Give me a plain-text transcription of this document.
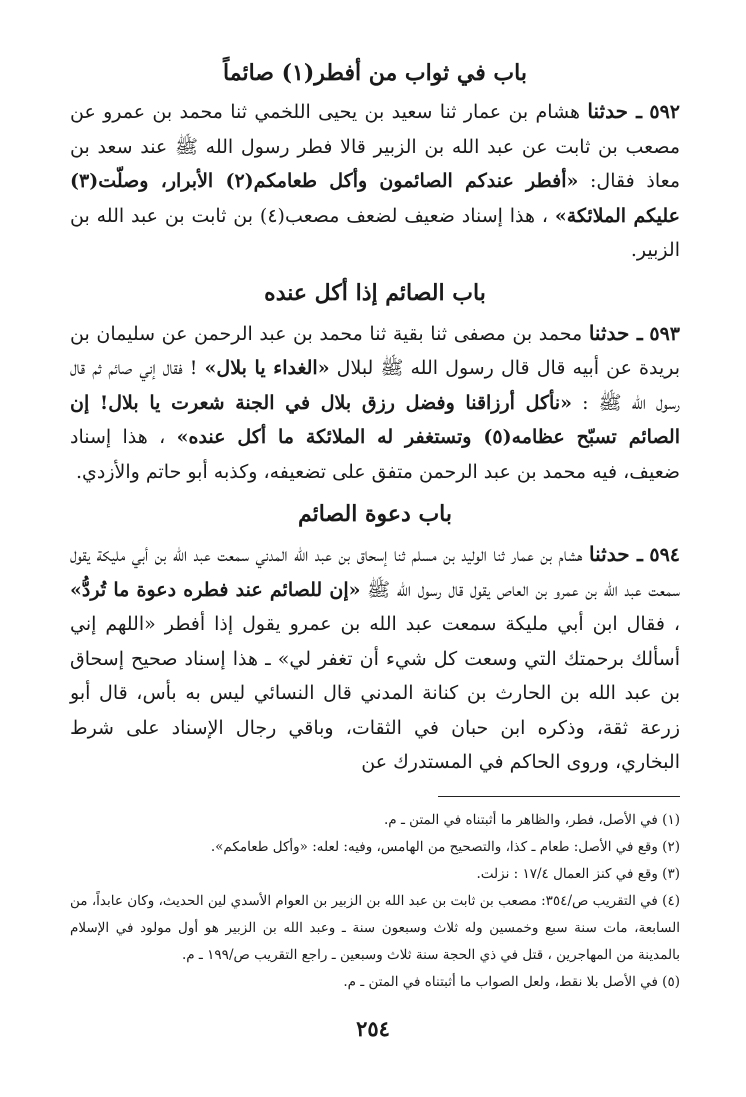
باب في ثواب من أفطر(١) صائماً

٥٩٢ ـ حدثنا هشام بن عمار ثنا سعيد بن يحيى اللخمي ثنا محمد بن عمرو عن مصعب بن ثابت عن عبد الله بن الزبير قالا فطر رسول الله ﷺ عند سعد بن معاذ فقال: «أفطر عندكم الصائمون وأكل طعامكم(٢) الأبرار، وصلّت(٣) عليكم الملائكة» ، هذا إسناد ضعيف لضعف مصعب(٤) بن ثابت بن عبد الله بن الزبير.

باب الصائم إذا أكل عنده

٥٩٣ ـ حدثنا محمد بن مصفى ثنا بقية ثنا محمد بن عبد الرحمن عن سليمان بن بريدة عن أبيه قال قال رسول الله ﷺ لبلال «الغداء يا بلال» ! فقال إني صائم ثم قال رسول الله ﷺ : «نأكل أرزاقنا وفضل رزق بلال في الجنة شعرت يا بلال! إن الصائم تسبّح عظامه(٥) وتستغفر له الملائكة ما أكل عنده» ، هذا إسناد ضعيف، فيه محمد بن عبد الرحمن متفق على تضعيفه، وكذبه أبو حاتم والأزدي.

باب دعوة الصائم

٥٩٤ ـ حدثنا هشام بن عمار ثنا الوليد بن مسلم ثنا إسحاق بن عبد الله المدني سمعت عبد الله بن أبي مليكة يقول سمعت عبد الله بن عمرو بن العاص يقول قال رسول الله ﷺ «إن للصائم عند فطره دعوة ما تُردُّ» ، فقال ابن أبي مليكة سمعت عبد الله بن عمرو يقول إذا أفطر «اللهم إني أسألك برحمتك التي وسعت كل شيء أن تغفر لي» ـ هذا إسناد صحيح إسحاق بن عبد الله بن الحارث بن كنانة المدني قال النسائي ليس به بأس، قال أبو زرعة ثقة، وذكره ابن حبان في الثقات، وباقي رجال الإسناد على شرط البخاري، وروى الحاكم في المستدرك عن

(١) في الأصل، فطر، والظاهر ما أثبتناه في المتن ـ م.

(٢) وقع في الأصل: طعام ـ كذا، والتصحيح من الهامس، وفيه: لعله: «وأكل طعامكم».

(٣) وقع في كنز العمال ١٧/٤ : نزلت.

(٤) في التقريب ص/٣٥٤: مصعب بن ثابت بن عبد الله بن الزبير بن العوام الأسدي لين الحديث، وكان عابداً، من السابعة، مات سنة سبع وخمسين وله ثلاث وسبعون سنة ـ وعبد الله بن الزبير هو أول مولود في الإسلام بالمدينة من المهاجرين ، قتل في ذي الحجة سنة ثلاث وسبعين ـ راجع التقريب ص/١٩٩ ـ م.

(٥) في الأصل بلا نقط، ولعل الصواب ما أثبتناه في المتن ـ م.

٢٥٤
